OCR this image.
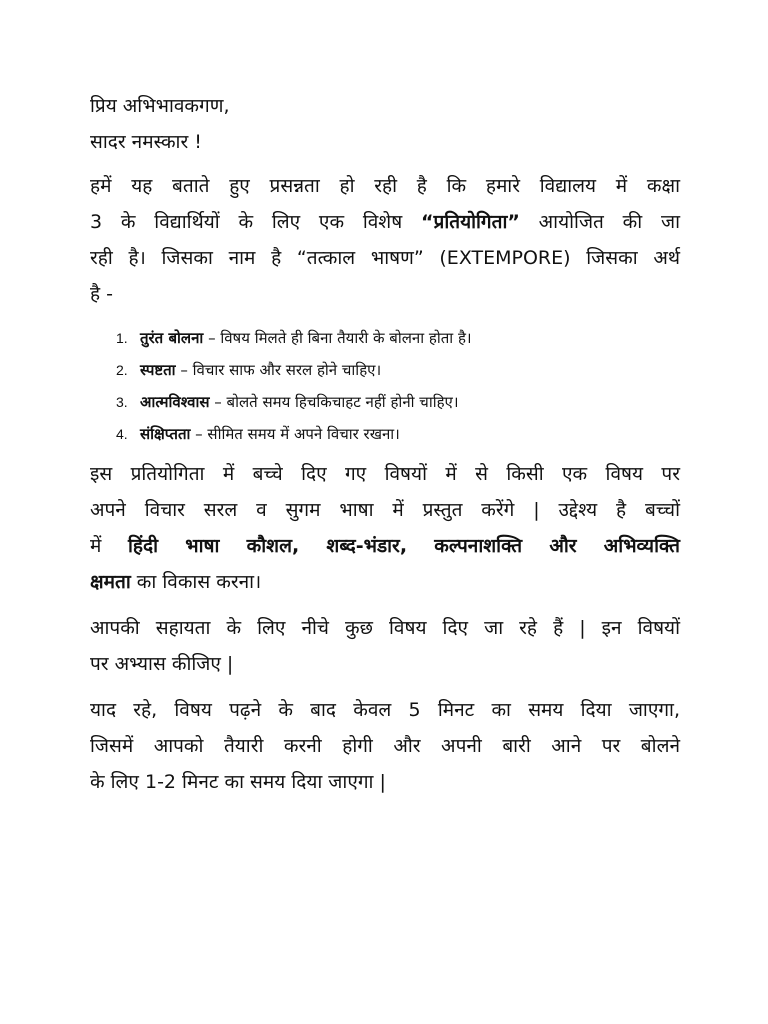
प्रिय अभिभावकगण,
सादर नमस्कार !
हमें यह बताते हुए प्रसन्नता हो रही है कि हमारे विद्यालय में कक्षा
3 के विद्यार्थियों के लिए एक विशेष “प्रतियोगिता” आयोजित की जा
रही है। जिसका नाम है “तत्काल भाषण” (EXTEMPORE) जिसका अर्थ
है -
1. तुरंत बोलना – विषय मिलते ही बिना तैयारी के बोलना होता है।
2. स्पष्टता – विचार साफ और सरल होने चाहिए।
3. आत्मविश्वास – बोलते समय हिचकिचाहट नहीं होनी चाहिए।
4. संक्षिप्तता – सीमित समय में अपने विचार रखना।
इस प्रतियोगिता में बच्चे दिए गए विषयों में से किसी एक विषय पर
अपने विचार सरल व सुगम भाषा में प्रस्तुत करेंगे | उद्देश्य है बच्चों
में हिंदी भाषा कौशल, शब्द-भंडार, कल्पनाशक्ति और अभिव्यक्ति
क्षमता का विकास करना।
आपकी सहायता के लिए नीचे कुछ विषय दिए जा रहे हैं | इन विषयों
पर अभ्यास कीजिए |
याद रहे, विषय पढ़ने के बाद केवल 5 मिनट का समय दिया जाएगा,
जिसमें आपको तैयारी करनी होगी और अपनी बारी आने पर बोलने
के लिए 1-2 मिनट का समय दिया जाएगा |
